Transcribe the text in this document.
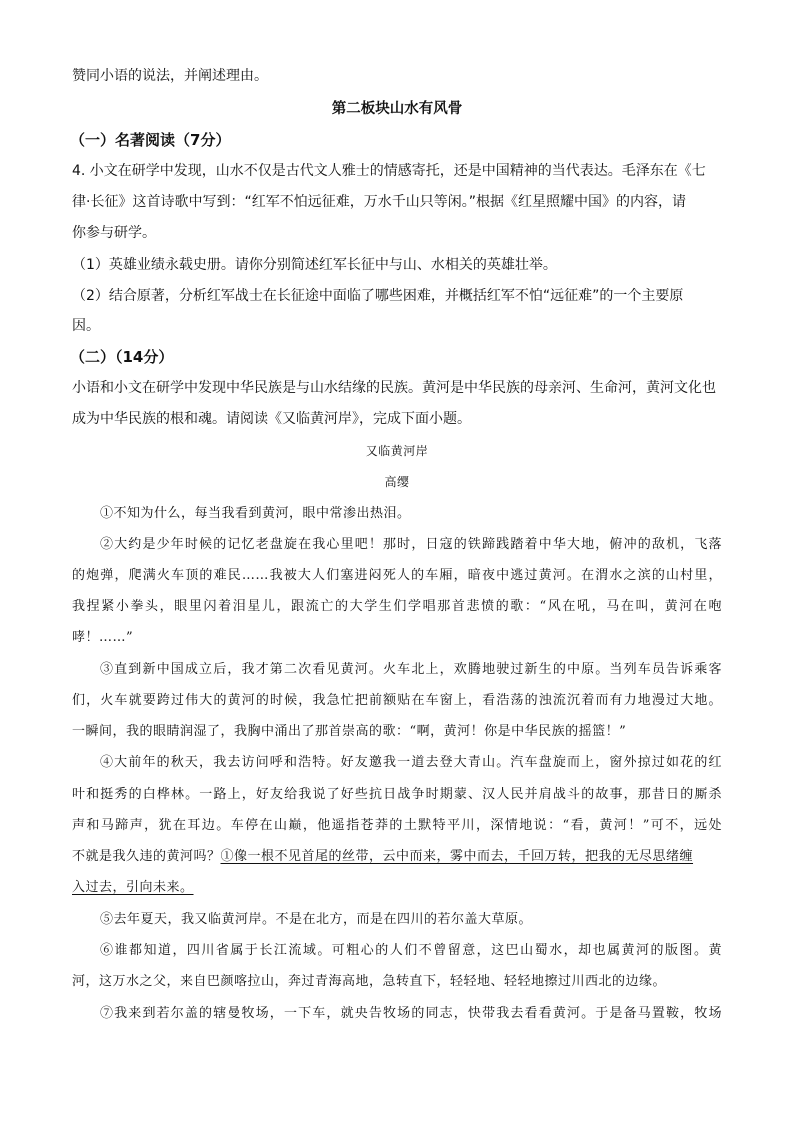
赞同小语的说法，并阐述理由。
第二板块山水有风骨
（一）名著阅读（7分）
4. 小文在研学中发现，山水不仅是古代文人雅士的情感寄托，还是中国精神的当代表达。毛泽东在《七
律·长征》这首诗歌中写到：“红军不怕远征难，万水千山只等闲。”根据《红星照耀中国》的内容，请
你参与研学。
（1）英雄业绩永载史册。请你分别简述红军长征中与山、水相关的英雄壮举。
（2）结合原著，分析红军战士在长征途中面临了哪些困难，并概括红军不怕“远征难”的一个主要原
因。
（二）（14分）
小语和小文在研学中发现中华民族是与山水结缘的民族。黄河是中华民族的母亲河、生命河，黄河文化也
成为中华民族的根和魂。请阅读《又临黄河岸》，完成下面小题。
又临黄河岸
高缨
①不知为什么，每当我看到黄河，眼中常渗出热泪。
②大约是少年时候的记忆老盘旋在我心里吧！那时，日寇的铁蹄践踏着中华大地，俯冲的敌机，飞落
的炮弹，爬满火车顶的难民……我被大人们塞进闷死人的车厢，暗夜中逃过黄河。在渭水之滨的山村里，
我捏紧小拳头，眼里闪着泪星儿，跟流亡的大学生们学唱那首悲愤的歌：“风在吼，马在叫，黄河在咆
哮！……”
③直到新中国成立后，我才第二次看见黄河。火车北上，欢腾地驶过新生的中原。当列车员告诉乘客
们，火车就要跨过伟大的黄河的时候，我急忙把前额贴在车窗上，看浩荡的浊流沉着而有力地漫过大地。
一瞬间，我的眼睛润湿了，我胸中涌出了那首崇高的歌：“啊，黄河！你是中华民族的摇篮！”
④大前年的秋天，我去访问呼和浩特。好友邀我一道去登大青山。汽车盘旋而上，窗外掠过如花的红
叶和挺秀的白桦林。一路上，好友给我说了好些抗日战争时期蒙、汉人民并肩战斗的故事，那昔日的厮杀
声和马蹄声，犹在耳边。车停在山巅，他遥指苍莽的土默特平川，深情地说：“看，黄河！”可不，远处
不就是我久违的黄河吗？①像一根不见首尾的丝带，云中而来，雾中而去，千回万转，把我的无尽思绪缠
入过去，引向未来。
⑤去年夏天，我又临黄河岸。不是在北方，而是在四川的若尔盖大草原。
⑥谁都知道，四川省属于长江流域。可粗心的人们不曾留意，这巴山蜀水，却也属黄河的版图。黄
河，这万水之父，来自巴颜喀拉山，奔过青海高地，急转直下，轻轻地、轻轻地擦过川西北的边缘。
⑦我来到若尔盖的辖曼牧场，一下车，就央告牧场的同志，快带我去看看黄河。于是备马置鞍，牧场
